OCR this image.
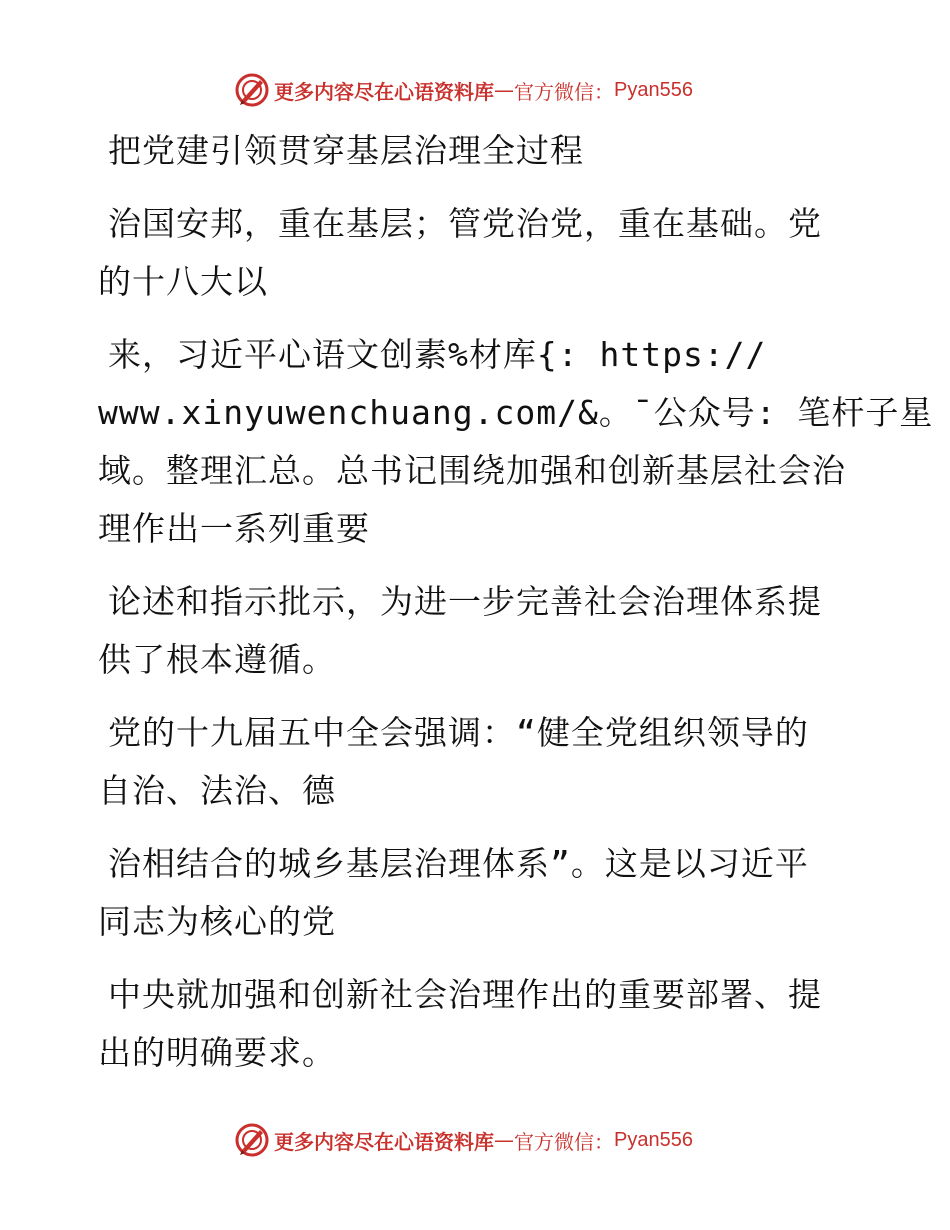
更多内容尽在心语资料库 — 官方微信： Pyan556
把党建引领贯穿基层治理全过程
治国安邦，重在基层；管党治党，重在基础。党
的十八大以
来，习近平心语文创素%材库{: https://
www.xinyuwenchuang.com/&。¯公众号: 笔杆子星
域。整理汇总。总书记围绕加强和创新基层社会治
理作出一系列重要
论述和指示批示，为进一步完善社会治理体系提
供了根本遵循。
党的十九届五中全会强调：“健全党组织领导的
自治、法治、德
治相结合的城乡基层治理体系”。这是以习近平
同志为核心的党
中央就加强和创新社会治理作出的重要部署、提
出的明确要求。
更多内容尽在心语资料库 — 官方微信： Pyan556
